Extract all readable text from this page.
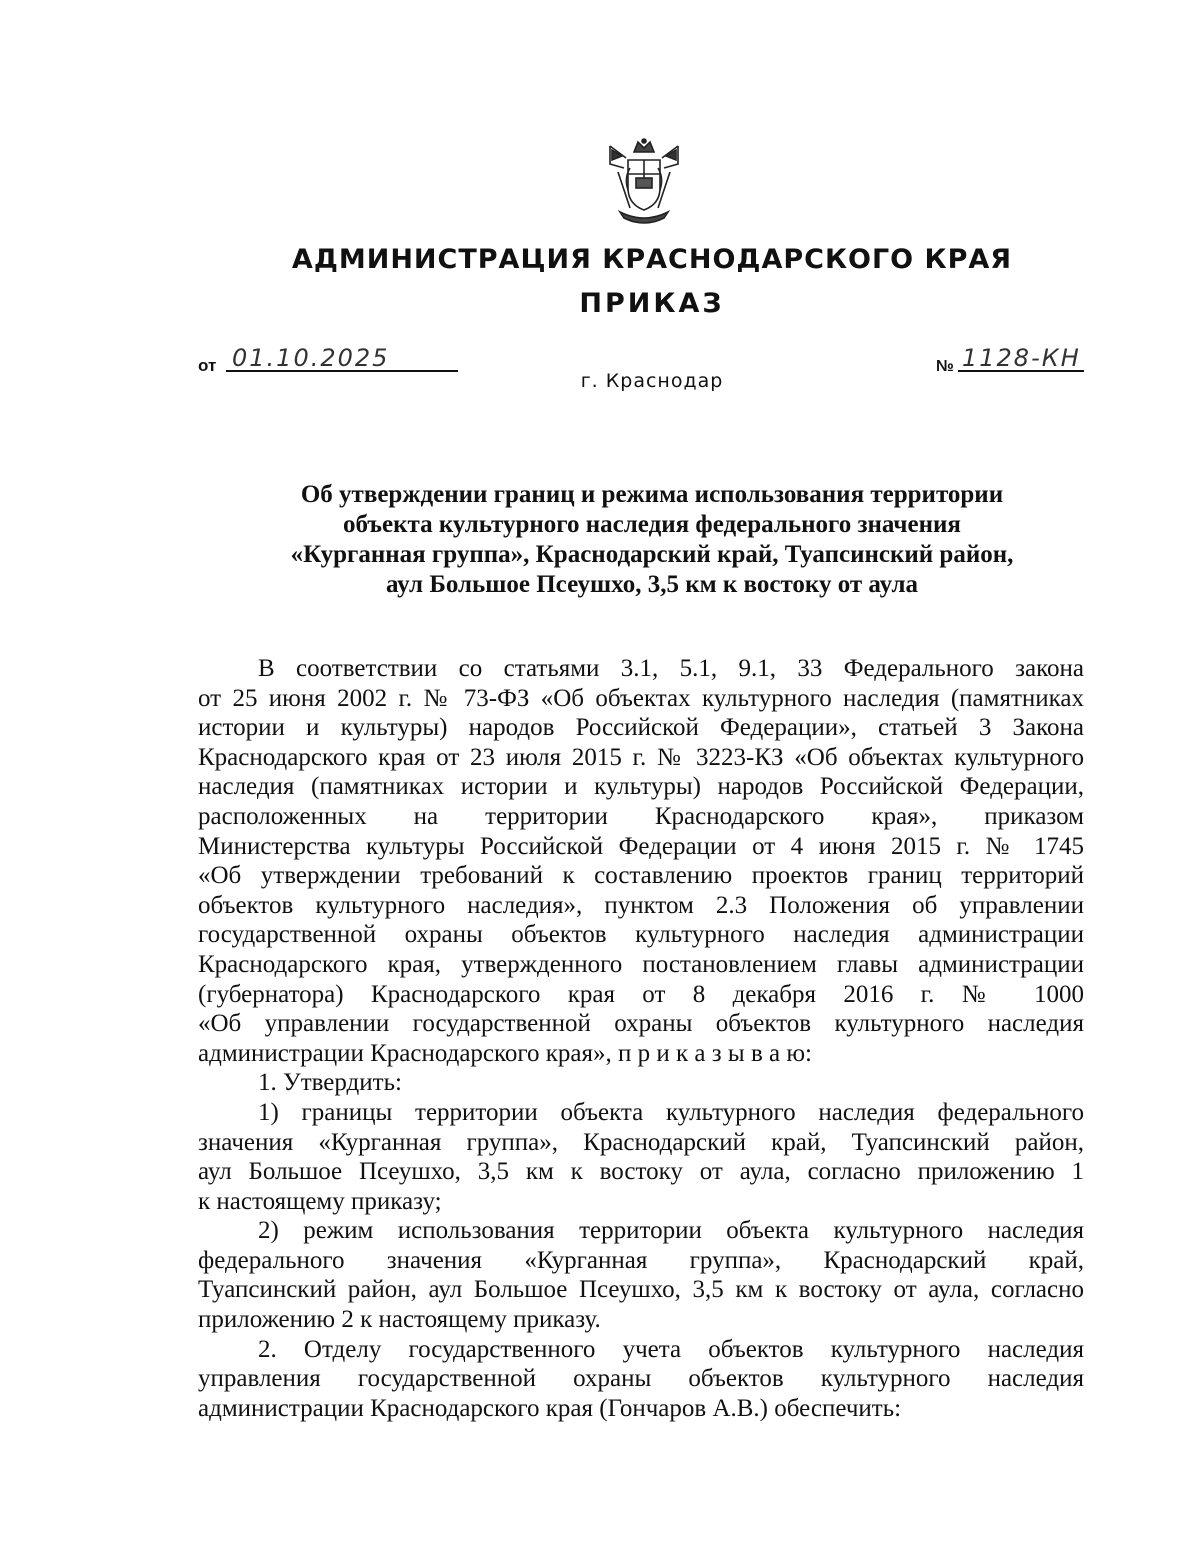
АДМИНИСТРАЦИЯ КРАСНОДАРСКОГО КРАЯ
ПРИКАЗ
от 01.10.2025	№ 1128-КН
г. Краснодар
Об утверждении границ и режима использования территории
объекта культурного наследия федерального значения
«Курганная группа», Краснодарский край, Туапсинский район,
аул Большое Псеушхо, 3,5 км к востоку от аула
В соответствии со статьями 3.1, 5.1, 9.1, 33 Федерального закона
от 25 июня 2002 г. № 73-ФЗ «Об объектах культурного наследия (памятниках
истории и культуры) народов Российской Федерации», статьей 3 Закона
Краснодарского края от 23 июля 2015 г. № 3223-КЗ «Об объектах культурного
наследия (памятниках истории и культуры) народов Российской Федерации,
расположенных на территории Краснодарского края», приказом
Министерства культуры Российской Федерации от 4 июня 2015 г. № 1745
«Об утверждении требований к составлению проектов границ территорий
объектов культурного наследия», пунктом 2.3 Положения об управлении
государственной охраны объектов культурного наследия администрации
Краснодарского края, утвержденного постановлением главы администрации
(губернатора) Краснодарского края от 8 декабря 2016 г. № 1000
«Об управлении государственной охраны объектов культурного наследия
администрации Краснодарского края», п р и к а з ы в а ю:
1. Утвердить:
1) границы территории объекта культурного наследия федерального
значения «Курганная группа», Краснодарский край, Туапсинский район,
аул Большое Псеушхо, 3,5 км к востоку от аула, согласно приложению 1
к настоящему приказу;
2) режим использования территории объекта культурного наследия
федерального значения «Курганная группа», Краснодарский край,
Туапсинский район, аул Большое Псеушхо, 3,5 км к востоку от аула, согласно
приложению 2 к настоящему приказу.
2. Отделу государственного учета объектов культурного наследия
управления государственной охраны объектов культурного наследия
администрации Краснодарского края (Гончаров А.В.) обеспечить:
